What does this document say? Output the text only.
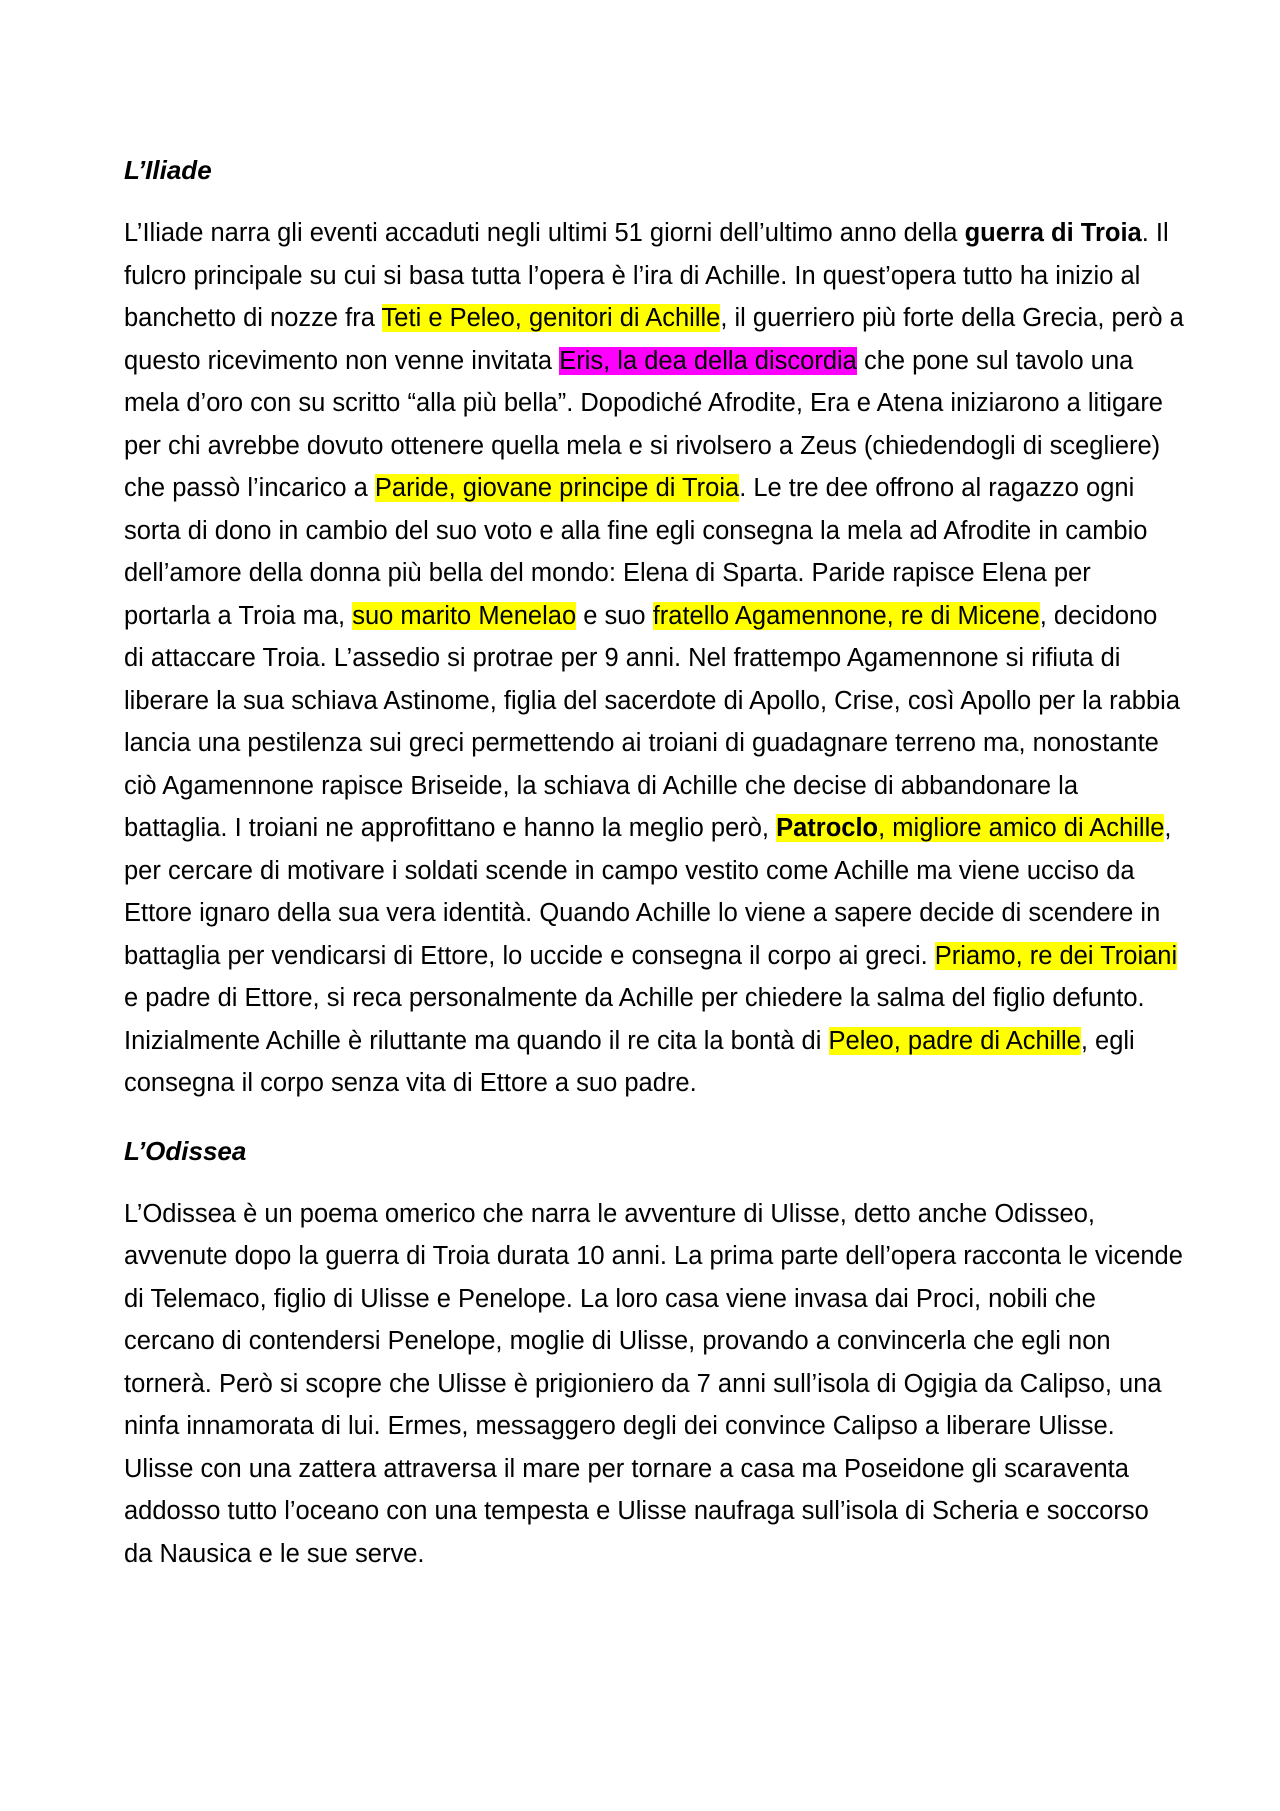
L’Iliade

L’Iliade narra gli eventi accaduti negli ultimi 51 giorni dell’ultimo anno della guerra di Troia. Il fulcro principale su cui si basa tutta l’opera è l’ira di Achille. In quest’opera tutto ha inizio al banchetto di nozze fra Teti e Peleo, genitori di Achille, il guerriero più forte della Grecia, però a questo ricevimento non venne invitata Eris, la dea della discordia che pone sul tavolo una mela d’oro con su scritto “alla più bella”. Dopodiché Afrodite, Era e Atena iniziarono a litigare per chi avrebbe dovuto ottenere quella mela e si rivolsero a Zeus (chiedendogli di scegliere) che passò l’incarico a Paride, giovane principe di Troia. Le tre dee offrono al ragazzo ogni sorta di dono in cambio del suo voto e alla fine egli consegna la mela ad Afrodite in cambio dell’amore della donna più bella del mondo: Elena di Sparta. Paride rapisce Elena per portarla a Troia ma, suo marito Menelao e suo fratello Agamennone, re di Micene, decidono di attaccare Troia. L’assedio si protrae per 9 anni. Nel frattempo Agamennone si rifiuta di liberare la sua schiava Astinome, figlia del sacerdote di Apollo, Crise, così Apollo per la rabbia lancia una pestilenza sui greci permettendo ai troiani di guadagnare terreno ma, nonostante ciò Agamennone rapisce Briseide, la schiava di Achille che decise di abbandonare la battaglia. I troiani ne approfittano e hanno la meglio però, Patroclo, migliore amico di Achille, per cercare di motivare i soldati scende in campo vestito come Achille ma viene ucciso da Ettore ignaro della sua vera identità. Quando Achille lo viene a sapere decide di scendere in battaglia per vendicarsi di Ettore, lo uccide e consegna il corpo ai greci. Priamo, re dei Troiani e padre di Ettore, si reca personalmente da Achille per chiedere la salma del figlio defunto. Inizialmente Achille è riluttante ma quando il re cita la bontà di Peleo, padre di Achille, egli consegna il corpo senza vita di Ettore a suo padre.

L’Odissea

L’Odissea è un poema omerico che narra le avventure di Ulisse, detto anche Odisseo, avvenute dopo la guerra di Troia durata 10 anni. La prima parte dell’opera racconta le vicende di Telemaco, figlio di Ulisse e Penelope. La loro casa viene invasa dai Proci, nobili che cercano di contendersi Penelope, moglie di Ulisse, provando a convincerla che egli non tornerà. Però si scopre che Ulisse è prigioniero da 7 anni sull’isola di Ogigia da Calipso, una ninfa innamorata di lui. Ermes, messaggero degli dei convince Calipso a liberare Ulisse. Ulisse con una zattera attraversa il mare per tornare a casa ma Poseidone gli scaraventa addosso tutto l’oceano con una tempesta e Ulisse naufraga sull’isola di Scheria e soccorso da Nausica e le sue serve.
